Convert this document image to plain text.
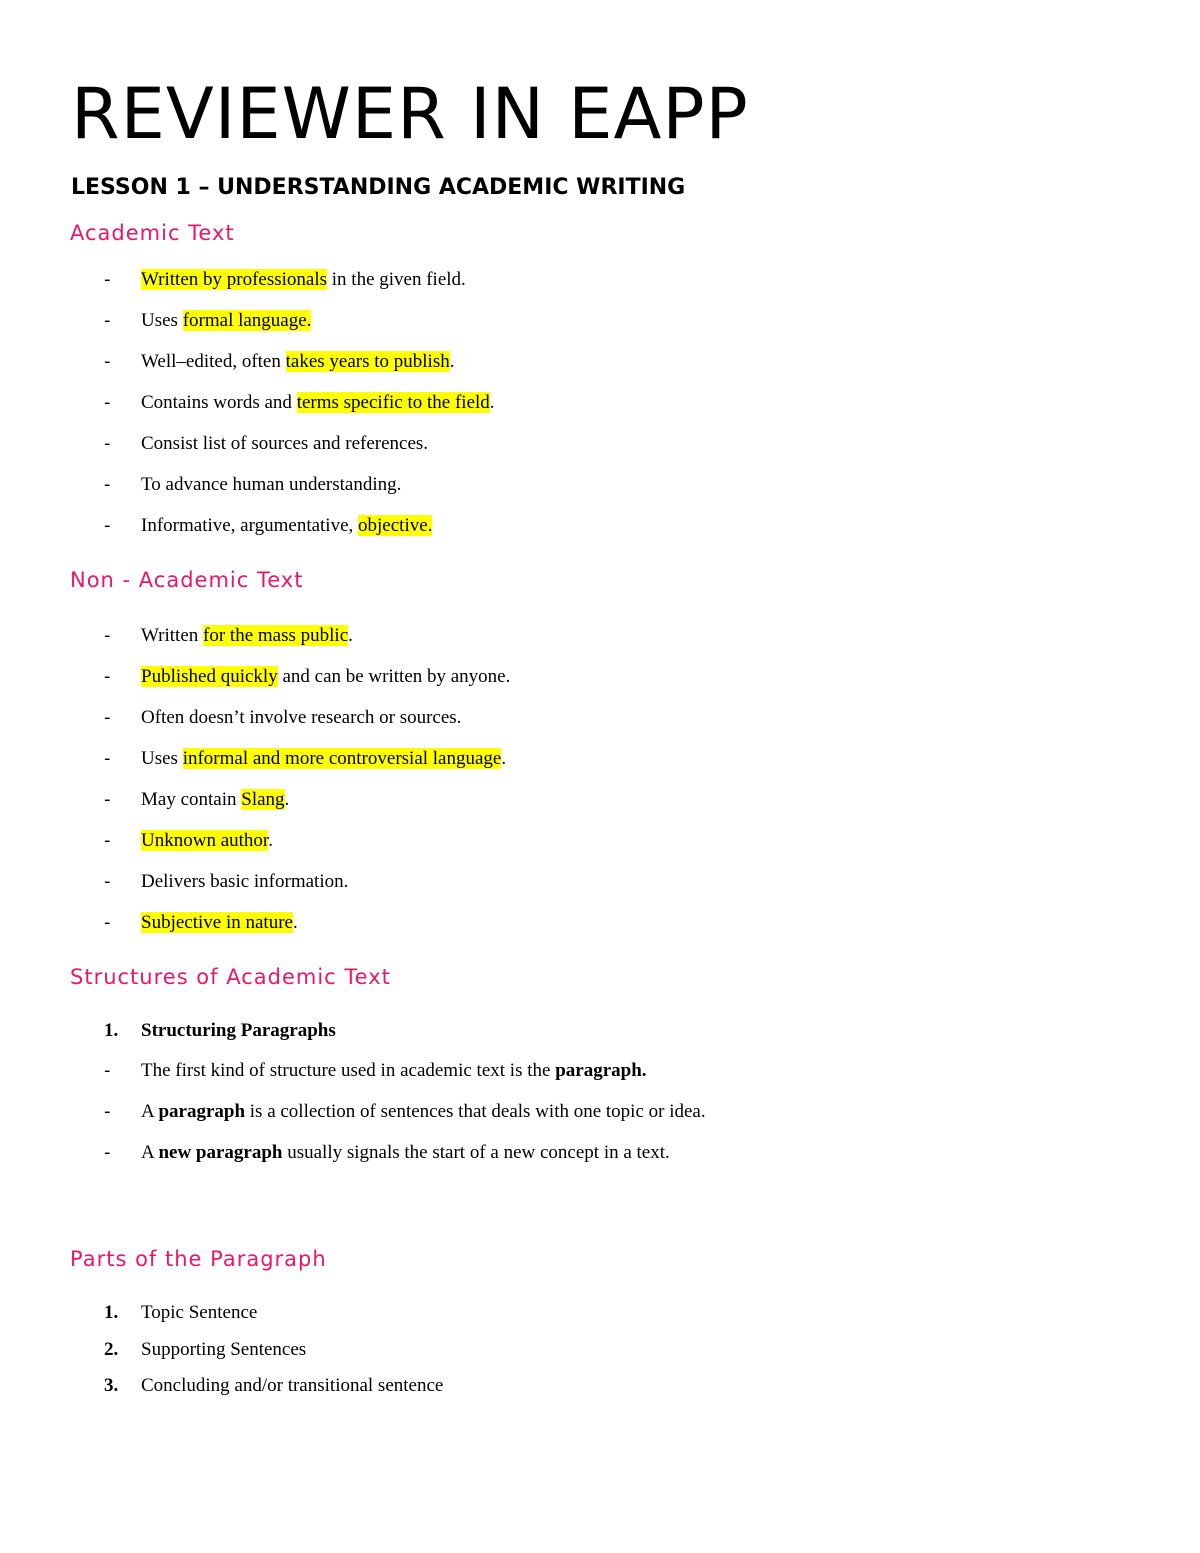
REVIEWER IN EAPP
LESSON 1 – UNDERSTANDING ACADEMIC WRITING
Academic Text
-	Written by professionals in the given field.
-	Uses formal language.
-	Well–edited, often takes years to publish.
-	Contains words and terms specific to the field.
-	Consist list of sources and references.
-	To advance human understanding.
-	Informative, argumentative, objective.
Non - Academic Text
-	Written for the mass public.
-	Published quickly and can be written by anyone.
-	Often doesn’t involve research or sources.
-	Uses informal and more controversial language.
-	May contain Slang.
-	Unknown author.
-	Delivers basic information.
-	Subjective in nature.
Structures of Academic Text
1.	Structuring Paragraphs
-	The first kind of structure used in academic text is the paragraph.
-	A paragraph is a collection of sentences that deals with one topic or idea.
-	A new paragraph usually signals the start of a new concept in a text.
Parts of the Paragraph
1.	Topic Sentence
2.	Supporting Sentences
3.	Concluding and/or transitional sentence
